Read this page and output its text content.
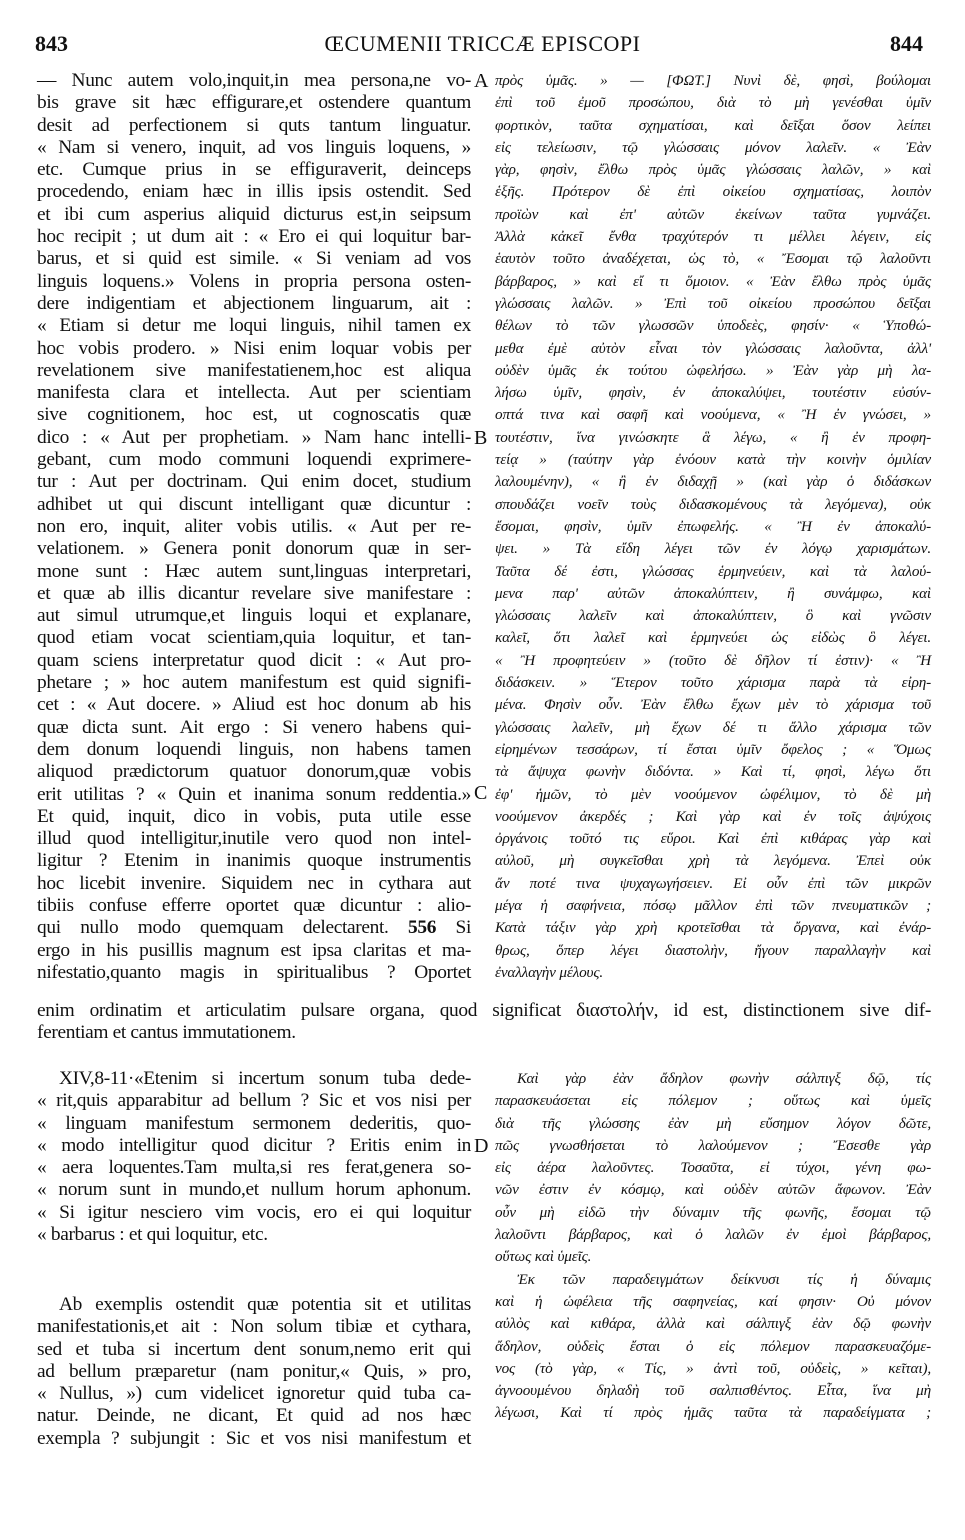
843	ŒCUMENII TRICCÆ EPISCOPI	844
A
B
C
D
— Nunc autem volo,inquit,in mea persona,ne vo-
bis grave sit hæc effigurare,et ostendere quantum
desit ad perfectionem si quts tantum linguatur.
« Nam si venero, inquit, ad vos linguis loquens, »
etc. Cumque prius in se effiguraverit, deinceps
procedendo, eniam hæc in illis ipsis ostendit. Sed
et ibi cum asperius aliquid dicturus est,in seipsum
hoc recipit ; ut dum ait : « Ero ei qui loquitur bar-
barus, et si quid est simile. « Si veniam ad vos
linguis loquens.» Volens in propria persona osten-
dere indigentiam et abjectionem linguarum, ait :
« Etiam si detur me loqui linguis, nihil tamen ex
hoc vobis prodero. » Nisi enim loquar vobis per
revelationem sive manifestatienem,hoc est aliqua
manifesta clara et intellecta. Aut per scientiam
sive cognitionem, hoc est, ut cognoscatis quæ
dico : « Aut per prophetiam. » Nam hanc intelli-
gebant, cum modo communi loquendi exprimere-
tur : Aut per doctrinam. Qui enim docet, studium
adhibet ut qui discunt intelligant quæ dicuntur :
non ero, inquit, aliter vobis utilis. « Aut per re-
velationem. » Genera ponit donorum quæ in ser-
mone sunt : Hæc autem sunt,linguas interpretari,
et quæ ab illis dicantur revelare sive manifestare :
aut simul utrumque,et linguis loqui et explanare,
quod etiam vocat scientiam,quia loquitur, et tan-
quam sciens interpretatur quod dicit : « Aut pro-
phetare ; » hoc autem manifestum est quid signifi-
cet : « Aut docere. » Aliud est hoc donum ab his
quæ dicta sunt. Ait ergo : Si venero habens qui-
dem donum loquendi linguis, non habens tamen
aliquod prædictorum quatuor donorum,quæ vobis
erit utilitas ? « Quin et inanima sonum reddentia.»
Et quid, inquit, dico in vobis, puta utile esse
illud quod intelligitur,inutile vero quod non intel-
ligitur ? Etenim in inanimis quoque instrumentis
hoc licebit invenire. Siquidem nec in cythara aut
tibiis confuse efferre oportet quæ dicuntur : alio-
qui nullo modo quemquam delectarent. 556 Si
ergo in his pusillis magnum est ipsa claritas et ma-
nifestatio,quanto magis in spiritualibus ? Oportet
πρὸς ὑμᾶς. » — [ΦΩΤ.] Νυνὶ δὲ, φησὶ, βούλομαι
ἐπὶ τοῦ ἐμοῦ προσώπου, διὰ τὸ μὴ γενέσθαι ὑμῖν
φορτικὸν, ταῦτα σχηματίσαι, καὶ δεῖξαι ὅσον λείπει
εἰς τελείωσιν, τῷ γλώσσαις μόνον λαλεῖν. « Ἐὰν
γὰρ, φησὶν, ἔλθω πρὸς ὑμᾶς γλώσσαις λαλῶν, » καὶ
ἑξῆς. Πρότερον δὲ ἐπὶ οἰκείου σχηματίσας, λοιπὸν
προϊὼν καὶ ἐπ' αὐτῶν ἐκείνων ταῦτα γυμνάζει.
Ἀλλὰ κἀκεῖ ἔνθα τραχύτερόν τι μέλλει λέγειν, εἰς
ἑαυτὸν τοῦτο ἀναδέχεται, ὡς τὸ, « Ἔσομαι τῷ λαλοῦντι
βάρβαρος, » καὶ εἴ τι ὅμοιον. « Ἐὰν ἔλθω πρὸς ὑμᾶς
γλώσσαις λαλῶν. » Ἐπὶ τοῦ οἰκείου προσώπου δεῖξαι
θέλων τὸ τῶν γλωσσῶν ὑποδεὲς, φησίν· « Ὑποθώ-
μεθα ἐμὲ αὐτὸν εἶναι τὸν γλώσσαις λαλοῦντα, ἀλλ'
οὐδὲν ὑμᾶς ἐκ τούτου ὠφελήσω. » Ἐὰν γὰρ μὴ λα-
λήσω ὑμῖν, φησὶν, ἐν ἀποκαλύψει, τουτέστιν εὐσύν-
οπτά τινα καὶ σαφῆ καὶ νοούμενα, « Ἢ ἐν γνώσει, »
τουτέστιν, ἵνα γινώσκητε ἃ λέγω, « ἢ ἐν προφη-
τείᾳ » (ταύτην γὰρ ἐνόουν κατὰ τὴν κοινὴν ὁμιλίαν
λαλουμένην), « ἢ ἐν διδαχῇ » (καὶ γὰρ ὁ διδάσκων
σπουδάζει νοεῖν τοὺς διδασκομένους τὰ λεγόμενα), οὐκ
ἔσομαι, φησὶν, ὑμῖν ἐπωφελής. « Ἢ ἐν ἀποκαλύ-
ψει. » Τὰ εἴδη λέγει τῶν ἐν λόγῳ χαρισμάτων.
Ταῦτα δέ ἐστι, γλώσσας ἑρμηνεύειν, καὶ τὰ λαλού-
μενα παρ' αὐτῶν ἀποκαλύπτειν, ἢ συνάμφω, καὶ
γλώσσαις λαλεῖν καὶ ἀποκαλύπτειν, ὃ καὶ γνῶσιν
καλεῖ, ὅτι λαλεῖ καὶ ἑρμηνεύει ὡς εἰδὼς ὃ λέγει.
« Ἢ προφητεύειν » (τοῦτο δὲ δῆλον τί ἐστιν)· « Ἢ
διδάσκειν. » Ἕτερον τοῦτο χάρισμα παρὰ τὰ εἰρη-
μένα. Φησὶν οὖν. Ἐὰν ἔλθω ἔχων μὲν τὸ χάρισμα τοῦ
γλώσσαις λαλεῖν, μὴ ἔχων δέ τι ἄλλο χάρισμα τῶν
εἰρημένων τεσσάρων, τί ἔσται ὑμῖν ὄφελος ; « Ὅμως
τὰ ἄψυχα φωνὴν διδόντα. » Καὶ τί, φησὶ, λέγω ὅτι
ἐφ' ἡμῶν, τὸ μὲν νοούμενον ὠφέλιμον, τὸ δὲ μὴ
νοούμενον ἀκερδές ; Καὶ γὰρ καὶ ἐν τοῖς ἀψύχοις
ὀργάνοις τοῦτό τις εὕροι. Καὶ ἐπὶ κιθάρας γὰρ καὶ
αὐλοῦ, μὴ συγκεῖσθαι χρὴ τὰ λεγόμενα. Ἐπεὶ οὐκ
ἄν ποτέ τινα ψυχαγωγήσειεν. Εἰ οὖν ἐπὶ τῶν μικρῶν
μέγα ἡ σαφήνεια, πόσῳ μᾶλλον ἐπὶ τῶν πνευματικῶν ;
Κατὰ τάξιν γὰρ χρὴ κροτεῖσθαι τὰ ὄργανα, καὶ ἐνάρ-
θρως, ὅπερ λέγει διαστολὴν, ἤγουν παραλλαγὴν καὶ
ἐναλλαγὴν μέλους.
enim ordinatim et articulatim pulsare organa, quod significat διαστολήν, id est, distinctionem sive dif-
ferentiam et cantus immutationem.
XIV,8-11·«Etenim si incertum sonum tuba dede-
« rit,quis apparabitur ad bellum ? Sic et vos nisi per
« linguam manifestum sermonem dederitis, quo-
« modo intelligitur quod dicitur ? Eritis enim in
« aera loquentes.Tam multa,si res ferat,genera so-
« norum sunt in mundo,et nullum horum aphonum.
« Si igitur nesciero vim vocis, ero ei qui loquitur
« barbarus : et qui loquitur, etc.
Καὶ γὰρ ἐὰν ἄδηλον φωνὴν σάλπιγξ δῷ, τίς
παρασκευάσεται εἰς πόλεμον ; οὕτως καὶ ὑμεῖς
διὰ τῆς γλώσσης ἐὰν μὴ εὔσημον λόγον δῶτε,
πῶς γνωσθήσεται τὸ λαλούμενον ; Ἔσεσθε γὰρ
εἰς ἀέρα λαλοῦντες. Τοσαῦτα, εἰ τύχοι, γένη φω-
νῶν ἐστιν ἐν κόσμῳ, καὶ οὐδὲν αὐτῶν ἄφωνον. Ἐὰν
οὖν μὴ εἰδῶ τὴν δύναμιν τῆς φωνῆς, ἔσομαι τῷ
λαλοῦντι βάρβαρος, καὶ ὁ λαλῶν ἐν ἐμοὶ βάρβαρος,
οὕτως καὶ ὑμεῖς.
Ἐκ τῶν παραδειγμάτων δείκνυσι τίς ἡ δύναμις
καὶ ἡ ὠφέλεια τῆς σαφηνείας, καί φησιν· Οὐ μόνον
αὐλὸς καὶ κιθάρα, ἀλλὰ καὶ σάλπιγξ ἐὰν δῷ φωνὴν
ἄδηλον, οὐδεὶς ἔσται ὁ εἰς πόλεμον παρασκευαζόμε-
νος (τὸ γὰρ, « Τίς, » ἀντὶ τοῦ, οὐδεὶς, » κεῖται),
ἀγνοουμένου δηλαδὴ τοῦ σαλπισθέντος. Εἶτα, ἵνα μὴ
λέγωσι, Καὶ τί πρὸς ἡμᾶς ταῦτα τὰ παραδείγματα ;
Ab exemplis ostendit quæ potentia sit et utilitas
manifestationis,et ait : Non solum tibiæ et cythara,
sed et tuba si incertum dent sonum,nemo erit qui
ad bellum præparetur (nam ponitur,« Quis, » pro,
« Nullus, ») cum videlicet ignoretur quid tuba ca-
natur. Deinde, ne dicant, Et quid ad nos hæc
exempla ? subjungit : Sic et vos nisi manifestum et
